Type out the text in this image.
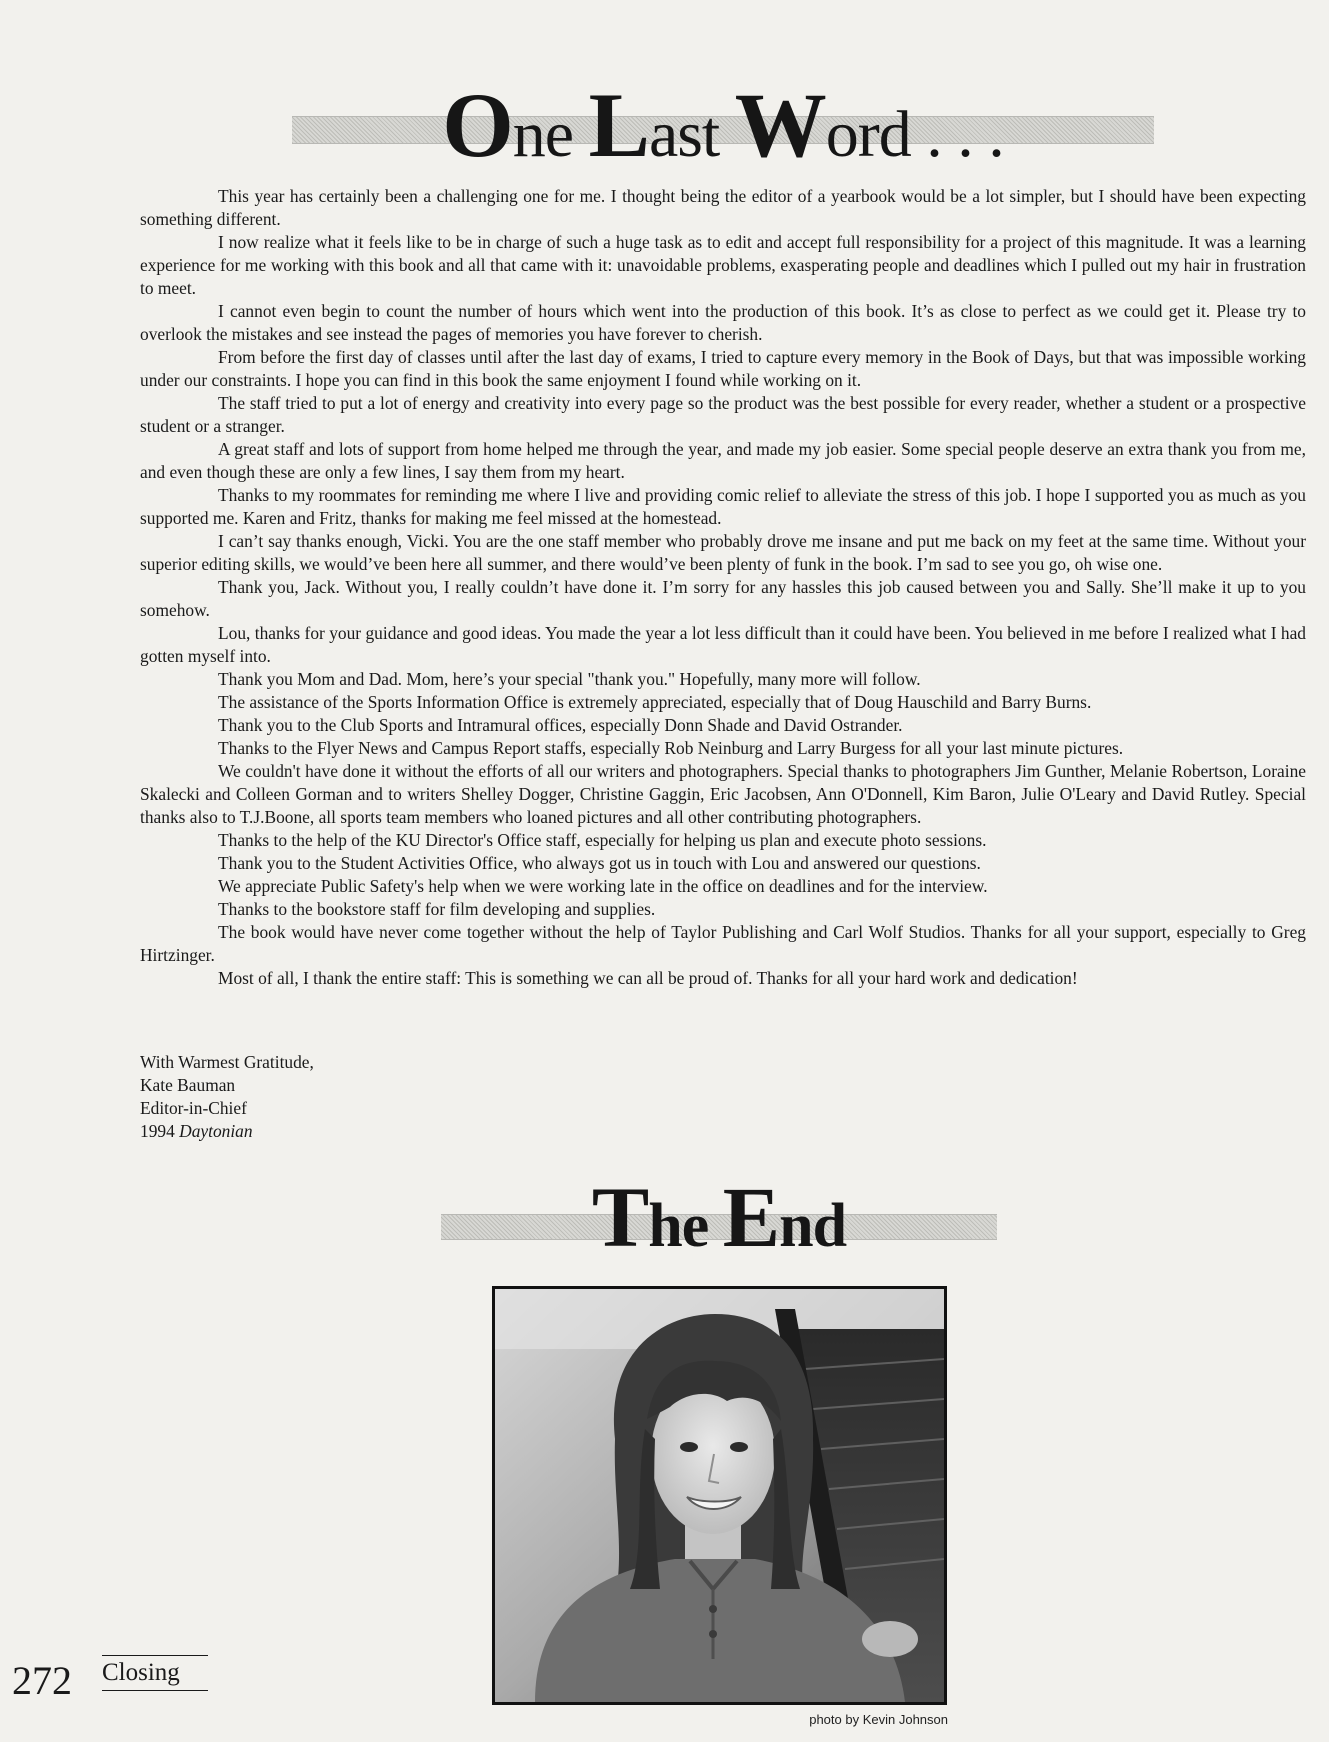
One Last Word . . .

This year has certainly been a challenging one for me. I thought being the editor of a yearbook would be a lot simpler, but I should have been expecting something different.

I now realize what it feels like to be in charge of such a huge task as to edit and accept full responsibility for a project of this magnitude. It was a learning experience for me working with this book and all that came with it: unavoidable problems, exasperating people and deadlines which I pulled out my hair in frustration to meet.

I cannot even begin to count the number of hours which went into the production of this book. It’s as close to perfect as we could get it. Please try to overlook the mistakes and see instead the pages of memories you have forever to cherish.

From before the first day of classes until after the last day of exams, I tried to capture every memory in the Book of Days, but that was impossible working under our constraints. I hope you can find in this book the same enjoyment I found while working on it.

The staff tried to put a lot of energy and creativity into every page so the product was the best possible for every reader, whether a student or a prospective student or a stranger.

A great staff and lots of support from home helped me through the year, and made my job easier. Some special people deserve an extra thank you from me, and even though these are only a few lines, I say them from my heart.

Thanks to my roommates for reminding me where I live and providing comic relief to alleviate the stress of this job. I hope I supported you as much as you supported me. Karen and Fritz, thanks for making me feel missed at the homestead.

I can’t say thanks enough, Vicki. You are the one staff member who probably drove me insane and put me back on my feet at the same time. Without your superior editing skills, we would’ve been here all summer, and there would’ve been plenty of funk in the book. I’m sad to see you go, oh wise one.

Thank you, Jack. Without you, I really couldn’t have done it. I’m sorry for any hassles this job caused between you and Sally. She’ll make it up to you somehow.

Lou, thanks for your guidance and good ideas. You made the year a lot less difficult than it could have been. You believed in me before I realized what I had gotten myself into.

Thank you Mom and Dad. Mom, here’s your special "thank you." Hopefully, many more will follow.

The assistance of the Sports Information Office is extremely appreciated, especially that of Doug Hauschild and Barry Burns.

Thank you to the Club Sports and Intramural offices, especially Donn Shade and David Ostrander.

Thanks to the Flyer News and Campus Report staffs, especially Rob Neinburg and Larry Burgess for all your last minute pictures.

We couldn't have done it without the efforts of all our writers and photographers. Special thanks to photographers Jim Gunther, Melanie Robertson, Loraine Skalecki and Colleen Gorman and to writers Shelley Dogger, Christine Gaggin, Eric Jacobsen, Ann O'Donnell, Kim Baron, Julie O'Leary and David Rutley. Special thanks also to T.J.Boone, all sports team members who loaned pictures and all other contributing photographers.

Thanks to the help of the KU Director's Office staff, especially for helping us plan and execute photo sessions.

Thank you to the Student Activities Office, who always got us in touch with Lou and answered our questions.

We appreciate Public Safety's help when we were working late in the office on deadlines and for the interview.

Thanks to the bookstore staff for film developing and supplies.

The book would have never come together without the help of Taylor Publishing and Carl Wolf Studios. Thanks for all your support, especially to Greg Hirtzinger.

Most of all, I thank the entire staff: This is something we can all be proud of. Thanks for all your hard work and dedication!

With Warmest Gratitude,
Kate Bauman
Editor-in-Chief
1994 Daytonian
The End
photo by Kevin Johnson
272 Closing
